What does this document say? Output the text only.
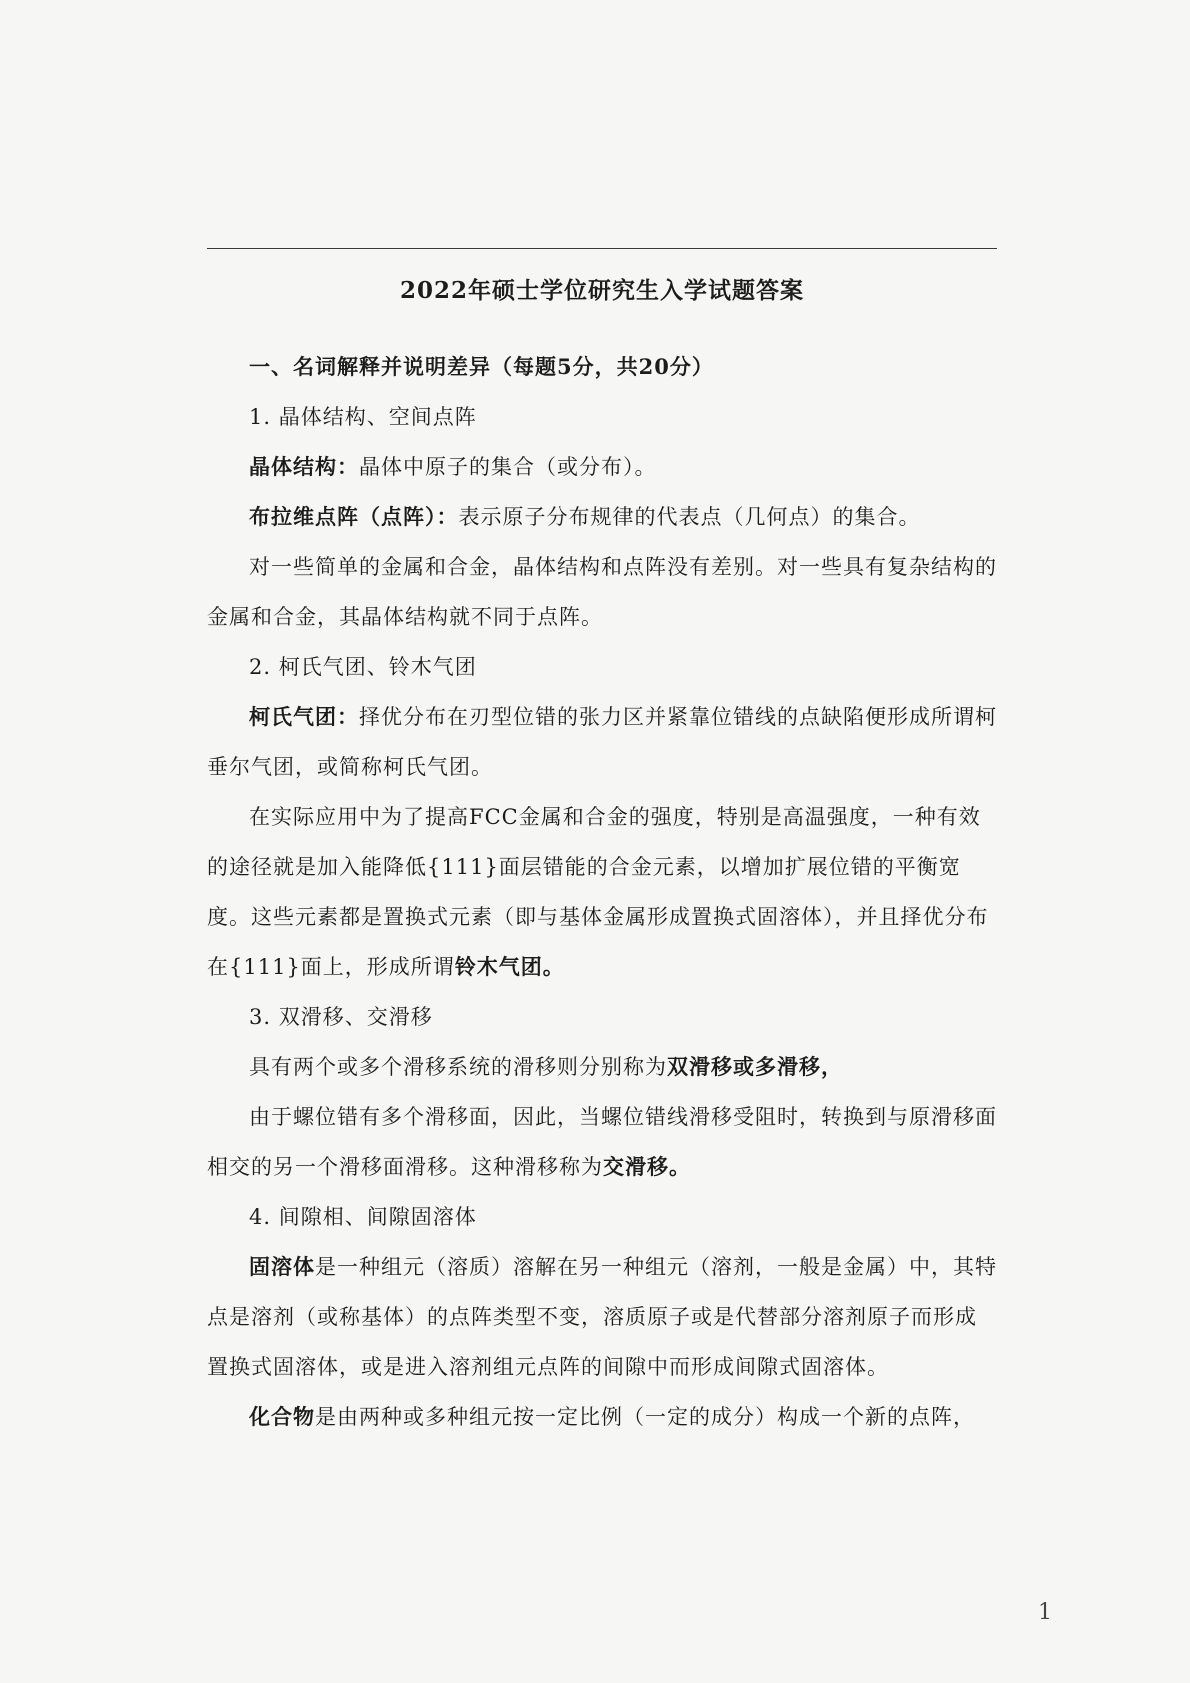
2022年硕士学位研究生入学试题答案

一、名词解释并说明差异（每题5分，共20分）

1. 晶体结构、空间点阵

晶体结构：晶体中原子的集合（或分布）。

布拉维点阵（点阵）：表示原子分布规律的代表点（几何点）的集合。

对一些简单的金属和合金，晶体结构和点阵没有差别。对一些具有复杂结构的金属和合金，其晶体结构就不同于点阵。

2. 柯氏气团、铃木气团

柯氏气团：择优分布在刃型位错的张力区并紧靠位错线的点缺陷便形成所谓柯垂尔气团，或简称柯氏气团。

在实际应用中为了提高FCC金属和合金的强度，特别是高温强度，一种有效的途径就是加入能降低{111}面层错能的合金元素，以增加扩展位错的平衡宽度。这些元素都是置换式元素（即与基体金属形成置换式固溶体），并且择优分布在{111}面上，形成所谓铃木气团。

3. 双滑移、交滑移

具有两个或多个滑移系统的滑移则分别称为双滑移或多滑移，

由于螺位错有多个滑移面，因此，当螺位错线滑移受阻时，转换到与原滑移面相交的另一个滑移面滑移。这种滑移称为交滑移。

4. 间隙相、间隙固溶体

固溶体是一种组元（溶质）溶解在另一种组元（溶剂，一般是金属）中，其特点是溶剂（或称基体）的点阵类型不变，溶质原子或是代替部分溶剂原子而形成置换式固溶体，或是进入溶剂组元点阵的间隙中而形成间隙式固溶体。

化合物是由两种或多种组元按一定比例（一定的成分）构成一个新的点阵，

1
